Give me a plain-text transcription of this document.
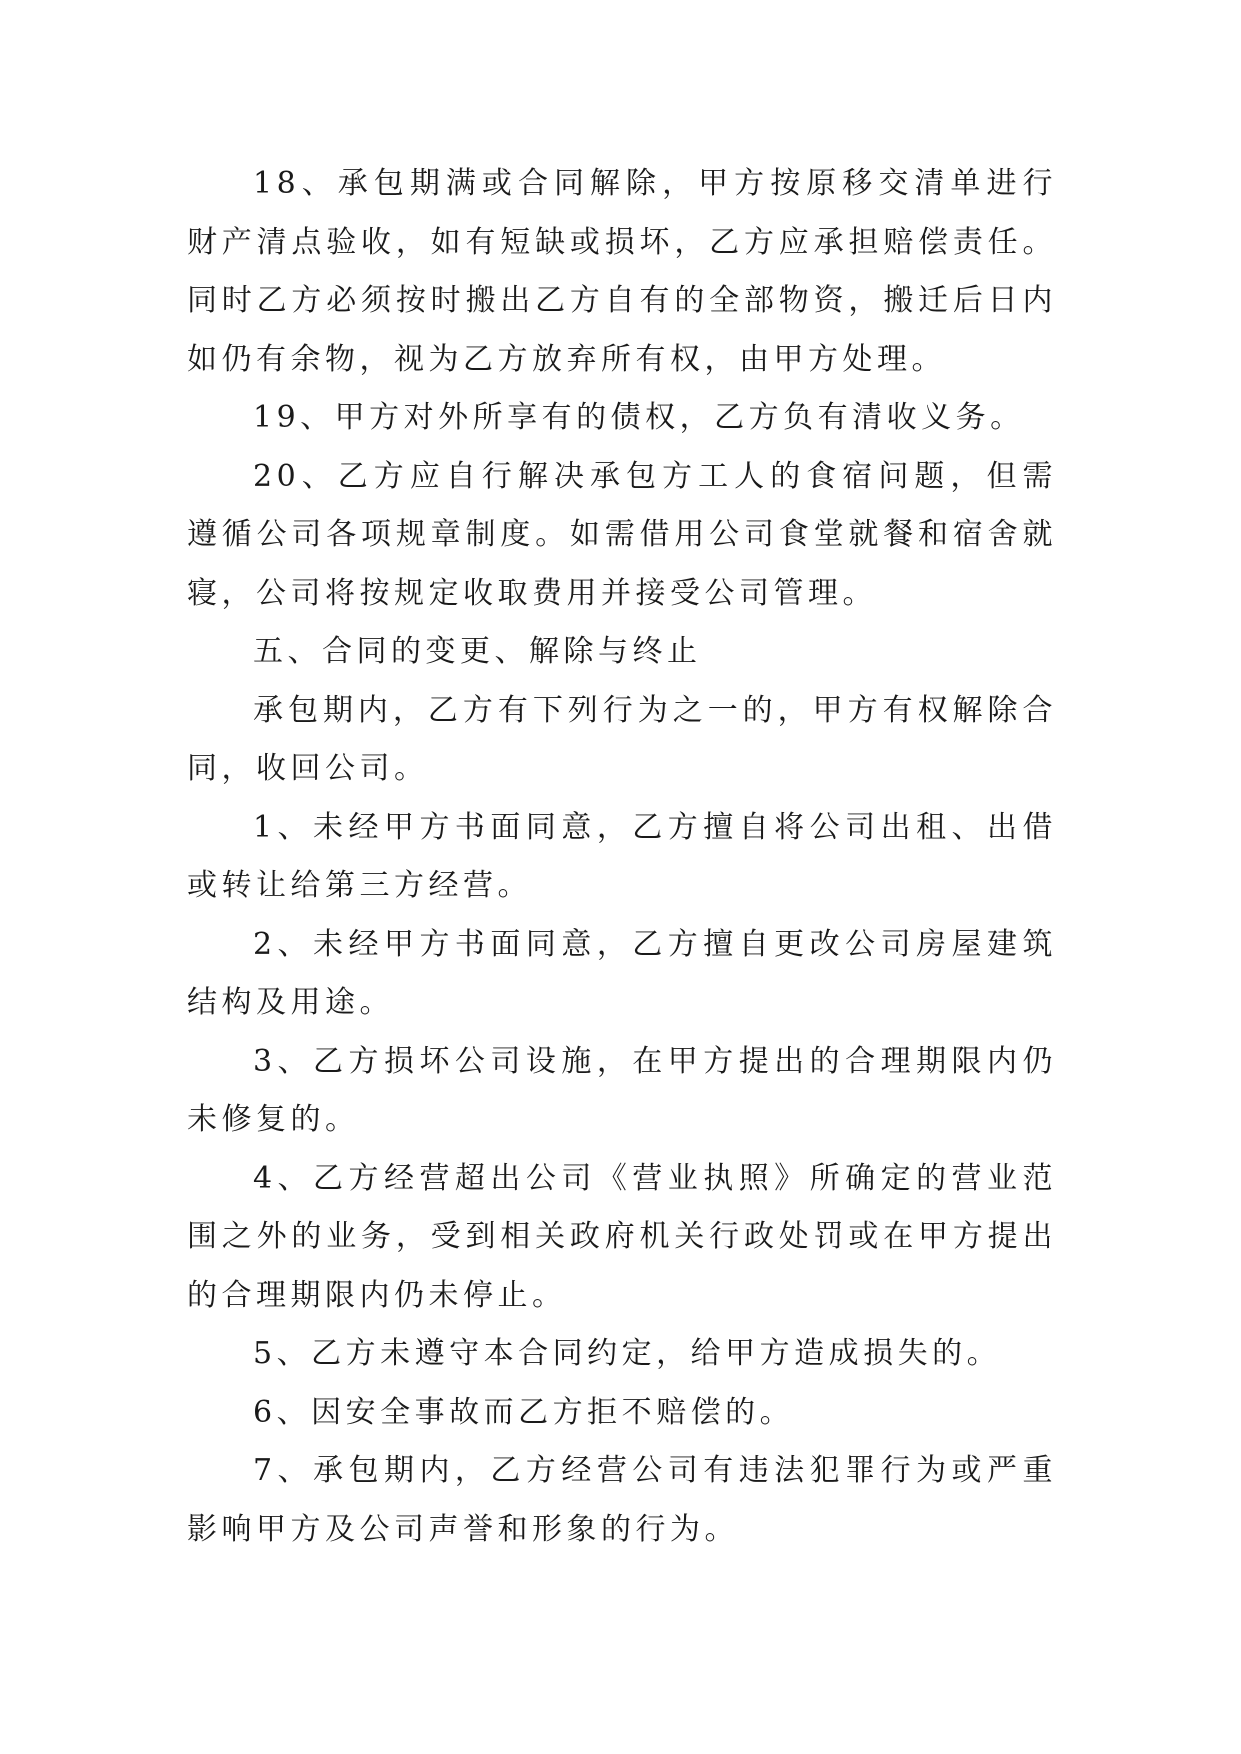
18、承包期满或合同解除，甲方按原移交清单进行财产清点验收，如有短缺或损坏，乙方应承担赔偿责任。同时乙方必须按时搬出乙方自有的全部物资，搬迁后日内如仍有余物，视为乙方放弃所有权，由甲方处理。

19、甲方对外所享有的债权，乙方负有清收义务。

20、乙方应自行解决承包方工人的食宿问题，但需遵循公司各项规章制度。如需借用公司食堂就餐和宿舍就寝，公司将按规定收取费用并接受公司管理。

五、合同的变更、解除与终止

承包期内，乙方有下列行为之一的，甲方有权解除合同，收回公司。

1、未经甲方书面同意，乙方擅自将公司出租、出借或转让给第三方经营。

2、未经甲方书面同意，乙方擅自更改公司房屋建筑结构及用途。

3、乙方损坏公司设施，在甲方提出的合理期限内仍未修复的。

4、乙方经营超出公司《营业执照》所确定的营业范围之外的业务，受到相关政府机关行政处罚或在甲方提出的合理期限内仍未停止。

5、乙方未遵守本合同约定，给甲方造成损失的。

6、因安全事故而乙方拒不赔偿的。

7、承包期内，乙方经营公司有违法犯罪行为或严重影响甲方及公司声誉和形象的行为。
